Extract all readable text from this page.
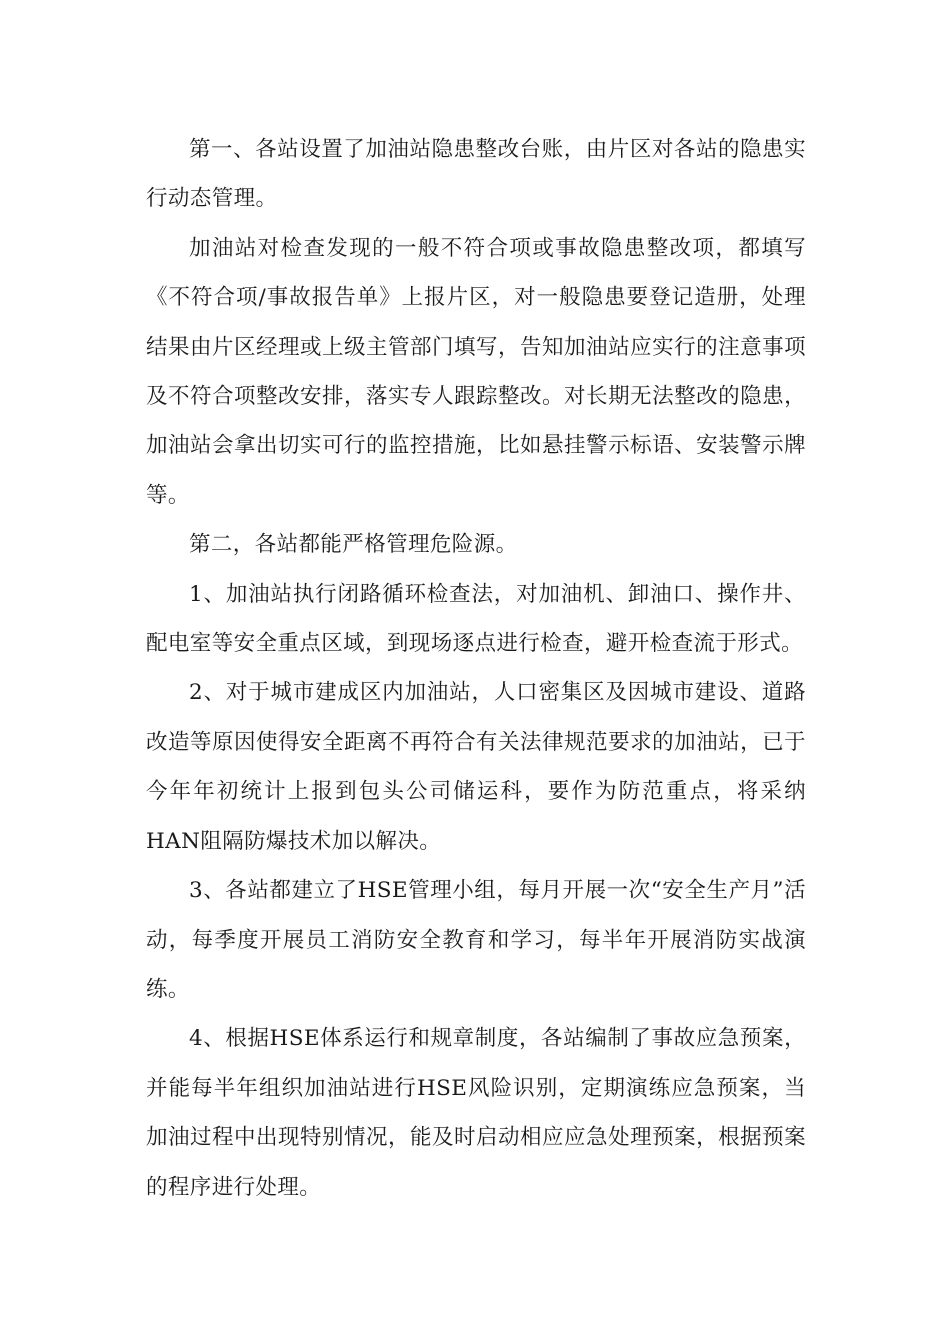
第一、各站设置了加油站隐患整改台账，由片区对各站的隐患实行动态管理。

加油站对检查发现的一般不符合项或事故隐患整改项，都填写《不符合项/事故报告单》上报片区，对一般隐患要登记造册，处理结果由片区经理或上级主管部门填写，告知加油站应实行的注意事项及不符合项整改安排，落实专人跟踪整改。对长期无法整改的隐患，加油站会拿出切实可行的监控措施，比如悬挂警示标语、安装警示牌等。

第二，各站都能严格管理危险源。

1、加油站执行闭路循环检查法，对加油机、卸油口、操作井、配电室等安全重点区域，到现场逐点进行检查，避开检查流于形式。

2、对于城市建成区内加油站，人口密集区及因城市建设、道路改造等原因使得安全距离不再符合有关法律规范要求的加油站，已于今年年初统计上报到包头公司储运科，要作为防范重点，将采纳HAN阻隔防爆技术加以解决。

3、各站都建立了HSE管理小组，每月开展一次“安全生产月”活动，每季度开展员工消防安全教育和学习，每半年开展消防实战演练。

4、根据HSE体系运行和规章制度，各站编制了事故应急预案，并能每半年组织加油站进行HSE风险识别，定期演练应急预案，当加油过程中出现特别情况，能及时启动相应应急处理预案，根据预案的程序进行处理。
